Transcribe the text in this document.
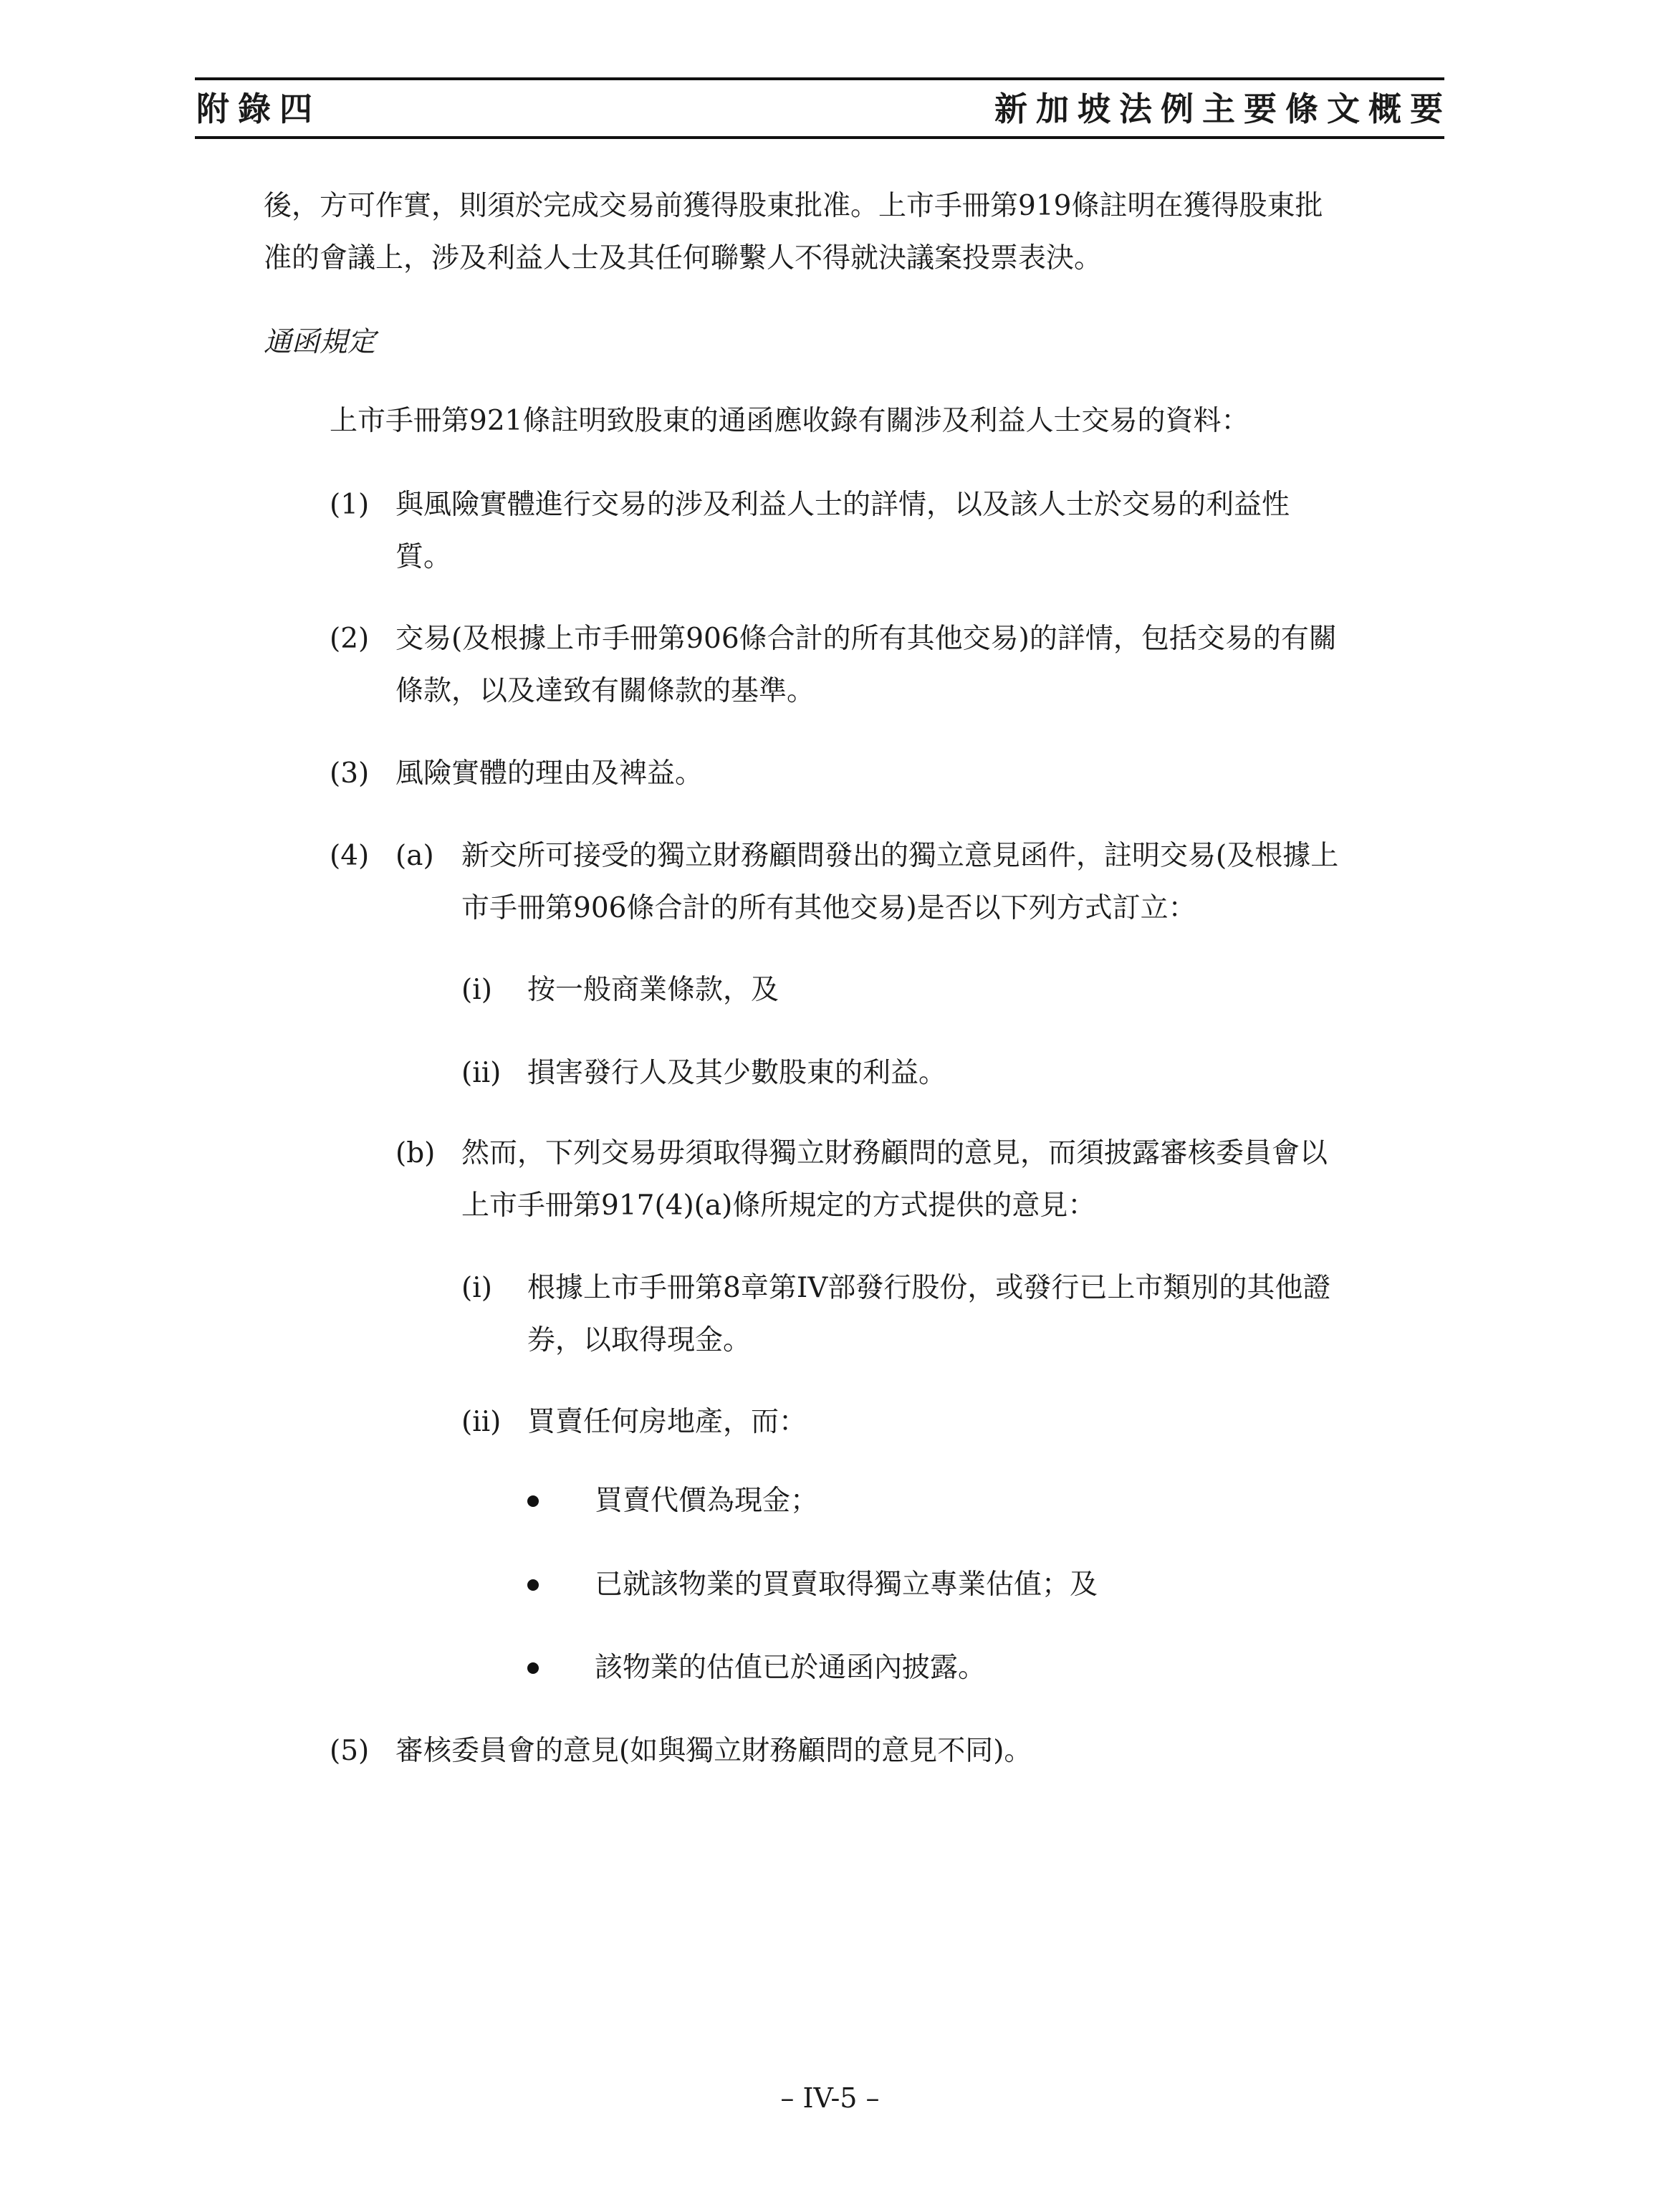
附錄四	新加坡法例主要條文概要
後，方可作實，則須於完成交易前獲得股東批准。上市手冊第919條註明在獲得股東批
准的會議上，涉及利益人士及其任何聯繫人不得就決議案投票表決。
通函規定
上市手冊第921條註明致股東的通函應收錄有關涉及利益人士交易的資料：
(1) 與風險實體進行交易的涉及利益人士的詳情，以及該人士於交易的利益性
質。
(2) 交易(及根據上市手冊第906條合計的所有其他交易)的詳情，包括交易的有關
條款，以及達致有關條款的基準。
(3) 風險實體的理由及裨益。
(4) (a) 新交所可接受的獨立財務顧問發出的獨立意見函件，註明交易(及根據上
市手冊第906條合計的所有其他交易)是否以下列方式訂立：
(i) 按一般商業條款，及
(ii) 損害發行人及其少數股東的利益。
(b) 然而，下列交易毋須取得獨立財務顧問的意見，而須披露審核委員會以
上市手冊第917(4)(a)條所規定的方式提供的意見：
(i) 根據上市手冊第8章第IV部發行股份，或發行已上市類別的其他證
券，以取得現金。
(ii) 買賣任何房地產，而：
買賣代價為現金；
已就該物業的買賣取得獨立專業估值；及
該物業的估值已於通函內披露。
(5) 審核委員會的意見(如與獨立財務顧問的意見不同)。
– IV-5 –
